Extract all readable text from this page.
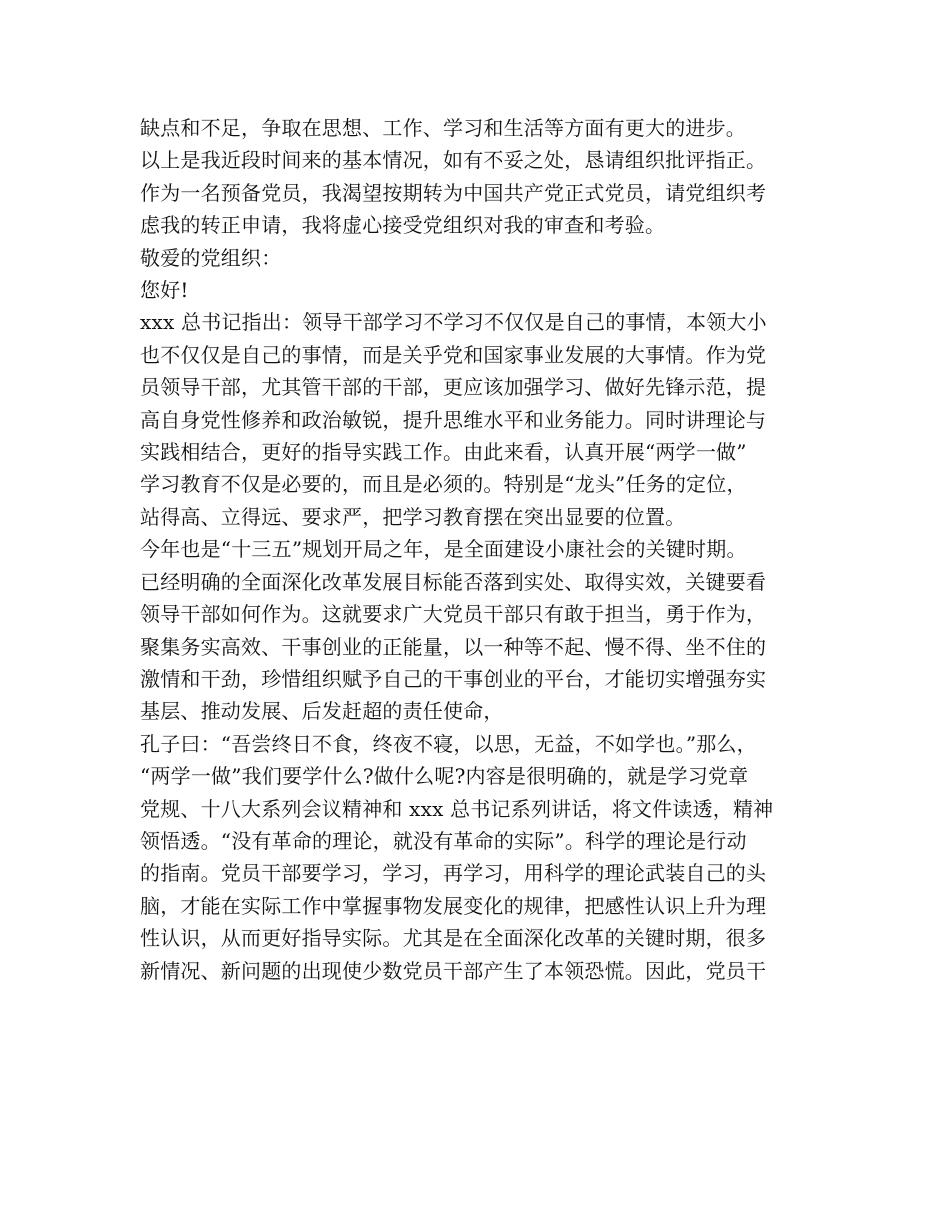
缺点和不足，争取在思想、工作、学习和生活等方面有更大的进步。

以上是我近段时间来的基本情况，如有不妥之处，恳请组织批评指正。

作为一名预备党员，我渴望按期转为中国共产党正式党员，请党组织考
虑我的转正申请，我将虚心接受党组织对我的审查和考验。

敬爱的党组织：

您好!

xxx 总书记指出：领导干部学习不学习不仅仅是自己的事情，本领大小
也不仅仅是自己的事情，而是关乎党和国家事业发展的大事情。作为党
员领导干部，尤其管干部的干部，更应该加强学习、做好先锋示范，提
高自身党性修养和政治敏锐，提升思维水平和业务能力。同时讲理论与
实践相结合，更好的指导实践工作。由此来看，认真开展“两学一做”
学习教育不仅是必要的，而且是必须的。特别是“龙头”任务的定位，
站得高、立得远、要求严，把学习教育摆在突出显要的位置。

今年也是“十三五”规划开局之年，是全面建设小康社会的关键时期。
已经明确的全面深化改革发展目标能否落到实处、取得实效，关键要看
领导干部如何作为。这就要求广大党员干部只有敢于担当，勇于作为，
聚集务实高效、干事创业的正能量，以一种等不起、慢不得、坐不住的
激情和干劲，珍惜组织赋予自己的干事创业的平台，才能切实增强夯实
基层、推动发展、后发赶超的责任使命，

孔子曰：“吾尝终日不食，终夜不寝，以思，无益，不如学也。”那么，
“两学一做”我们要学什么?做什么呢?内容是很明确的，就是学习党章
党规、十八大系列会议精神和 xxx 总书记系列讲话，将文件读透，精神
领悟透。“没有革命的理论，就没有革命的实际”。科学的理论是行动
的指南。党员干部要学习，学习，再学习，用科学的理论武装自己的头
脑，才能在实际工作中掌握事物发展变化的规律，把感性认识上升为理
性认识，从而更好指导实际。尤其是在全面深化改革的关键时期，很多
新情况、新问题的出现使少数党员干部产生了本领恐慌。因此，党员干
